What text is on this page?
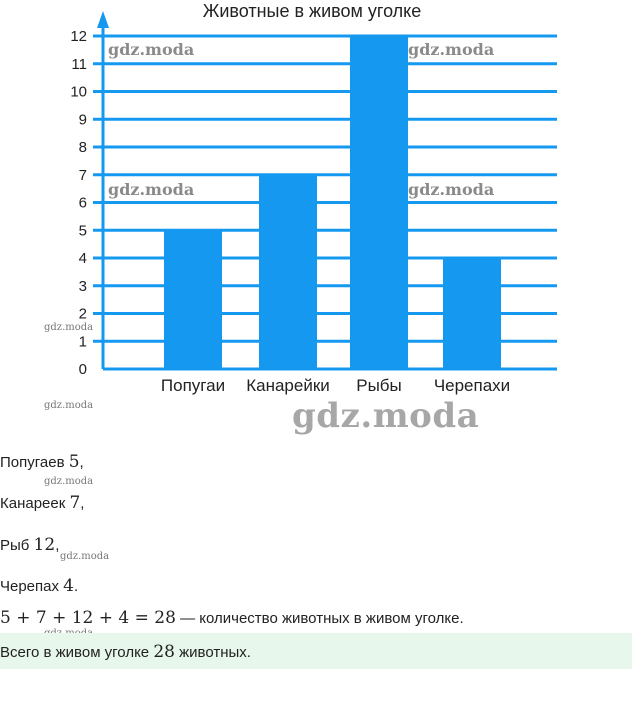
Животные в живом уголке
0
1
2
3
4
5
6
7
8
9
10
11
12
Попугаи Канарейки Рыбы Черепахи
gdz.moda	gdz.moda
gdz.moda	gdz.moda
gdz.moda
gdz.moda	gdz.moda
gdz.moda
gdz.moda
Попугаев 5,
Канареек 7,
Рыб 12,
Черепах 4.
5 + 7 + 12 + 4 = 28 — количество животных в живом уголке.
Всего в живом уголке 28 животных.
